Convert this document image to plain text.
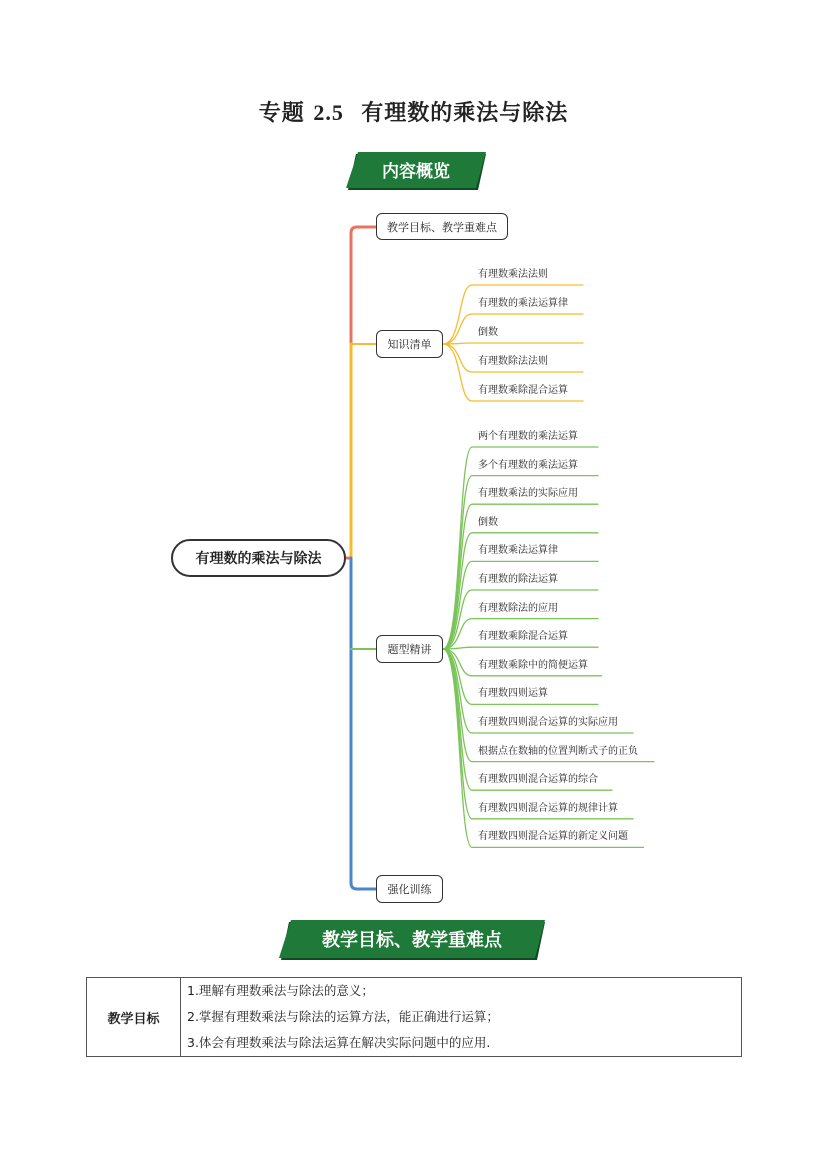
专题 2.5 有理数的乘法与除法
内容概览
有理数的乘法与除法
教学目标、教学重难点
知识清单
题型精讲
强化训练
有理数乘法法则
有理数的乘法运算律
倒数
有理数除法法则
有理数乘除混合运算
两个有理数的乘法运算
多个有理数的乘法运算
有理数乘法的实际应用
倒数
有理数乘法运算律
有理数的除法运算
有理数除法的应用
有理数乘除混合运算
有理数乘除中的简便运算
有理数四则运算
有理数四则混合运算的实际应用
根据点在数轴的位置判断式子的正负
有理数四则混合运算的综合
有理数四则混合运算的规律计算
有理数四则混合运算的新定义问题
教学目标、教学重难点
教学目标	
1.理解有理数乘法与除法的意义；
2.掌握有理数乘法与除法的运算方法，能正确进行运算；
3.体会有理数乘法与除法运算在解决实际问题中的应用.
